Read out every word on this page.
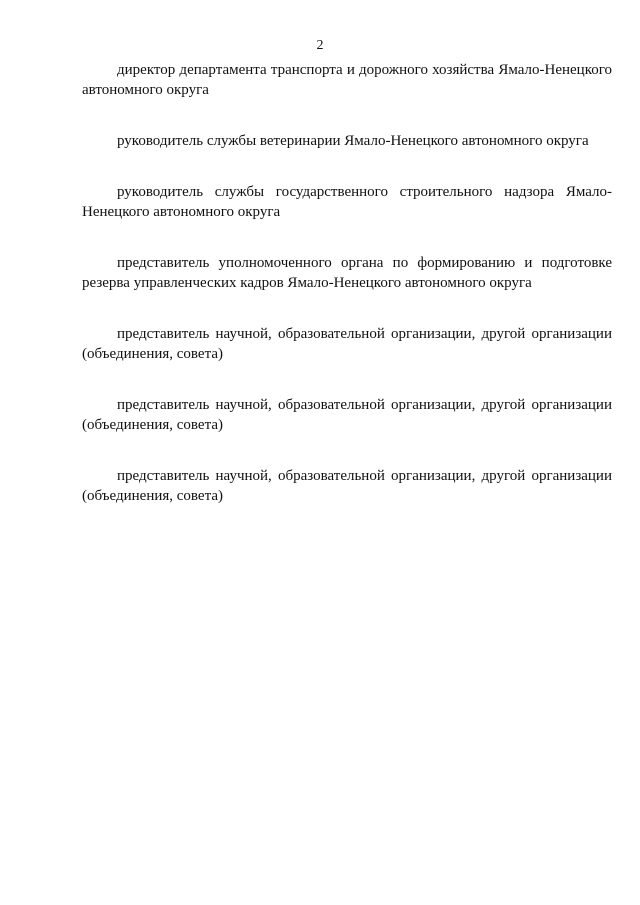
2

директор департамента транспорта и дорожного хозяйства Ямало-Ненецкого автономного округа

руководитель службы ветеринарии Ямало-Ненецкого автономного округа

руководитель службы государственного строительного надзора Ямало-Ненецкого автономного округа

представитель уполномоченного органа по формированию и подготовке резерва управленческих кадров Ямало-Ненецкого автономного округа

представитель научной, образовательной организации, другой организации (объединения, совета)

представитель научной, образовательной организации, другой организации (объединения, совета)

представитель научной, образовательной организации, другой организации (объединения, совета)
